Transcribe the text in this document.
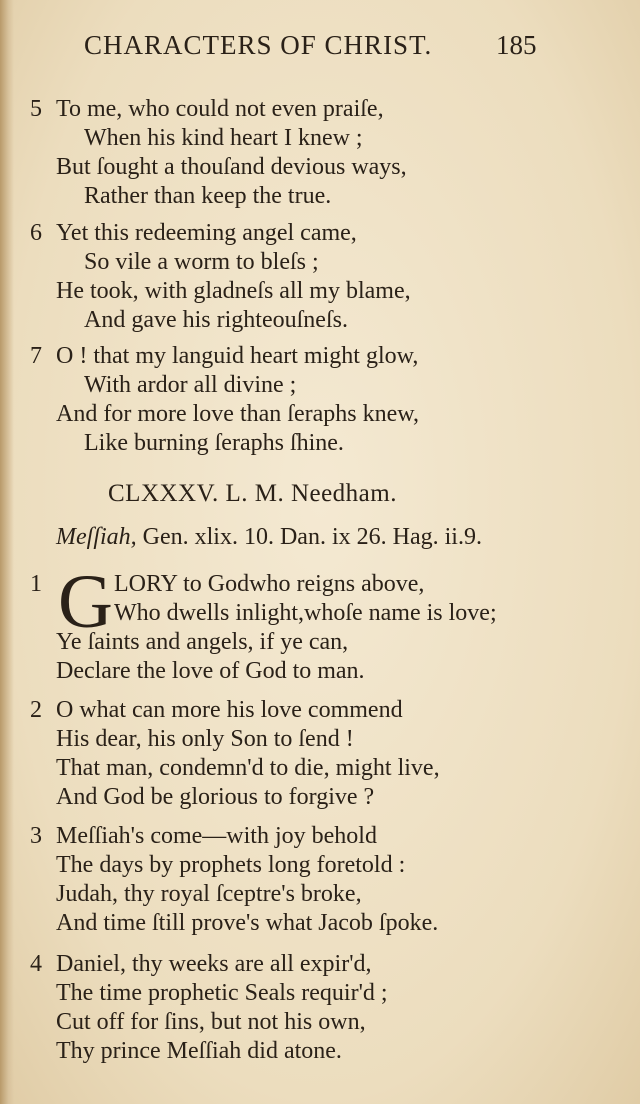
CHARACTERS OF CHRIST.	185
5 To me, who could not even praiſe,
When his kind heart I knew ;
But ſought a thouſand devious ways,
Rather than keep the true.
6 Yet this redeeming angel came,
So vile a worm to bleſs ;
He took, with gladneſs all my blame,
And gave his righteouſneſs.
7 O ! that my languid heart might glow,
With ardor all divine ;
And for more love than ſeraphs knew,
Like burning ſeraphs ſhine.
CLXXXV. L. M. Needham.
Meſſiah, Gen. xlix. 10. Dan. ix 26. Hag. ii.9.
1 G LORY to Godwho reigns above,
Who dwells inlight,whoſe name is love;
Ye ſaints and angels, if ye can,
Declare the love of God to man.
2 O what can more his love commend
His dear, his only Son to ſend !
That man, condemn'd to die, might live,
And God be glorious to forgive ?
3 Meſſiah's come—with joy behold
The days by prophets long foretold :
Judah, thy royal ſceptre's broke,
And time ſtill prove's what Jacob ſpoke.
4 Daniel, thy weeks are all expir'd,
The time prophetic Seals requir'd ;
Cut off for ſins, but not his own,
Thy prince Meſſiah did atone.
